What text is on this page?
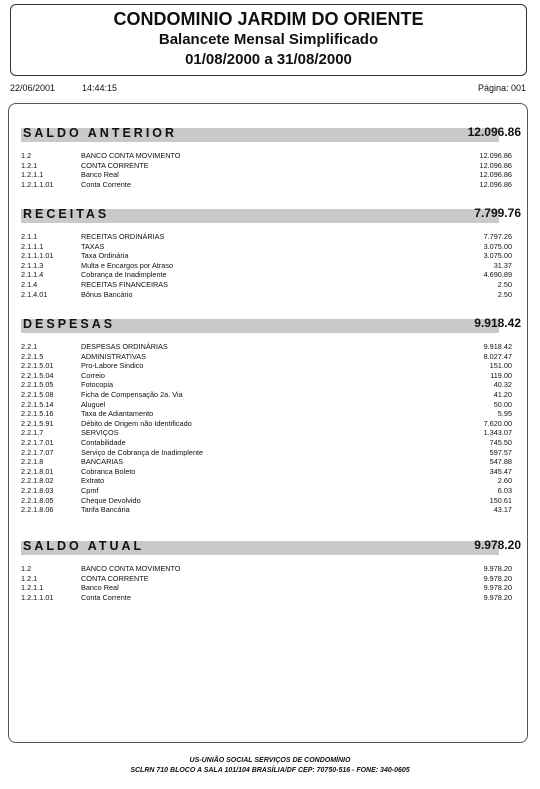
CONDOMINIO JARDIM DO ORIENTE
Balancete Mensal Simplificado
01/08/2000 a 31/08/2000
22/06/2001	14:44:15	Página: 001
SALDO ANTERIOR	12.096.86
1.2	BANCO CONTA MOVIMENTO	12.096.86
1.2.1	CONTA CORRENTE	12.096.86
1.2.1.1	Banco Real	12.096.86
1.2.1.1.01	Conta Corrente	12.096.86
RECEITAS	7.799.76
2.1.1	RECEITAS ORDINÁRIAS	7.797.26
2.1.1.1	TAXAS	3.075.00
2.1.1.1.01	Taxa Ordinária	3.075.00
2.1.1.3	Multa e Encargos por Atraso	31.37
2.1.1.4	Cobrança de Inadimplente	4.690.89
2.1.4	RECEITAS FINANCEIRAS	2.50
2.1.4.01	Bônus Bancário	2.50
DESPESAS	9.918.42
2.2.1	DESPESAS ORDINÁRIAS	9.918.42
2.2.1.5	ADMINISTRATIVAS	8.027.47
2.2.1.5.01	Pro-Labore Sindico	151.00
2.2.1.5.04	Correio	119.00
2.2.1.5.05	Fotocopia	40.32
2.2.1.5.08	Ficha de Compensação 2a. Via	41.20
2.2.1.5.14	Aluguel	50.00
2.2.1.5.16	Taxa de Adiantamento	5.95
2.2.1.5.91	Débito de Origem não Identificado	7.620.00
2.2.1.7	SERVIÇOS	1.343.07
2.2.1.7.01	Contabilidade	745.50
2.2.1.7.07	Serviço de Cobrança de Inadimplente	597.57
2.2.1.8	BANCARIAS	547.88
2.2.1.8.01	Cobranca Boleto	345.47
2.2.1.8.02	Extrato	2.60
2.2.1.8.03	Cpmf	6.03
2.2.1.8.05	Cheque Devolvido	150.61
2.2.1.8.06	Tarifa Bancária	43.17
SALDO ATUAL	9.978.20
1.2	BANCO CONTA MOVIMENTO	9.978.20
1.2.1	CONTA CORRENTE	9.978.20
1.2.1.1	Banco Real	9.978.20
1.2.1.1.01	Conta Corrente	9.978.20
US-UNIÃO SOCIAL SERVIÇOS DE CONDOMÍNIO
SCLRN 710 BLOCO A SALA 101/104 BRASÍLIA/DF CEP: 70750-516 - FONE: 340-0605
